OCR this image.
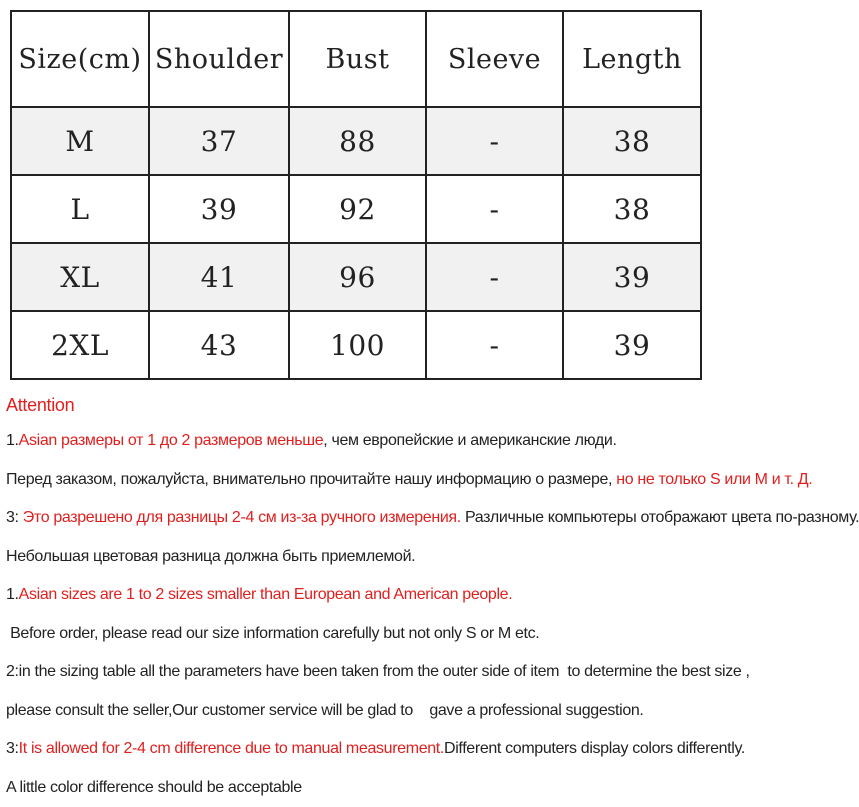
Size(cm)	Shoulder	Bust	Sleeve	Length
M	37	88	-	38
L	39	92	-	38
XL	41	96	-	39
2XL	43	100	-	39
Attention
1.Asian размеры от 1 до 2 размеров меньше, чем европейские и американские люди.
Перед заказом, пожалуйста, внимательно прочитайте нашу информацию о размере, но не только S или M и т. Д.
3: Это разрешено для разницы 2-4 см из-за ручного измерения. Различные компьютеры отображают цвета по-разному.
Небольшая цветовая разница должна быть приемлемой.
1.Asian sizes are 1 to 2 sizes smaller than European and American people.
Before order, please read our size information carefully but not only S or M etc.
2:in the sizing table all the parameters have been taken from the outer side of item  to determine the best size ,
please consult the seller,Our customer service will be glad to    gave a professional suggestion.
3:It is allowed for 2-4 cm difference due to manual measurement.Different computers display colors differently.
A little color difference should be acceptable
